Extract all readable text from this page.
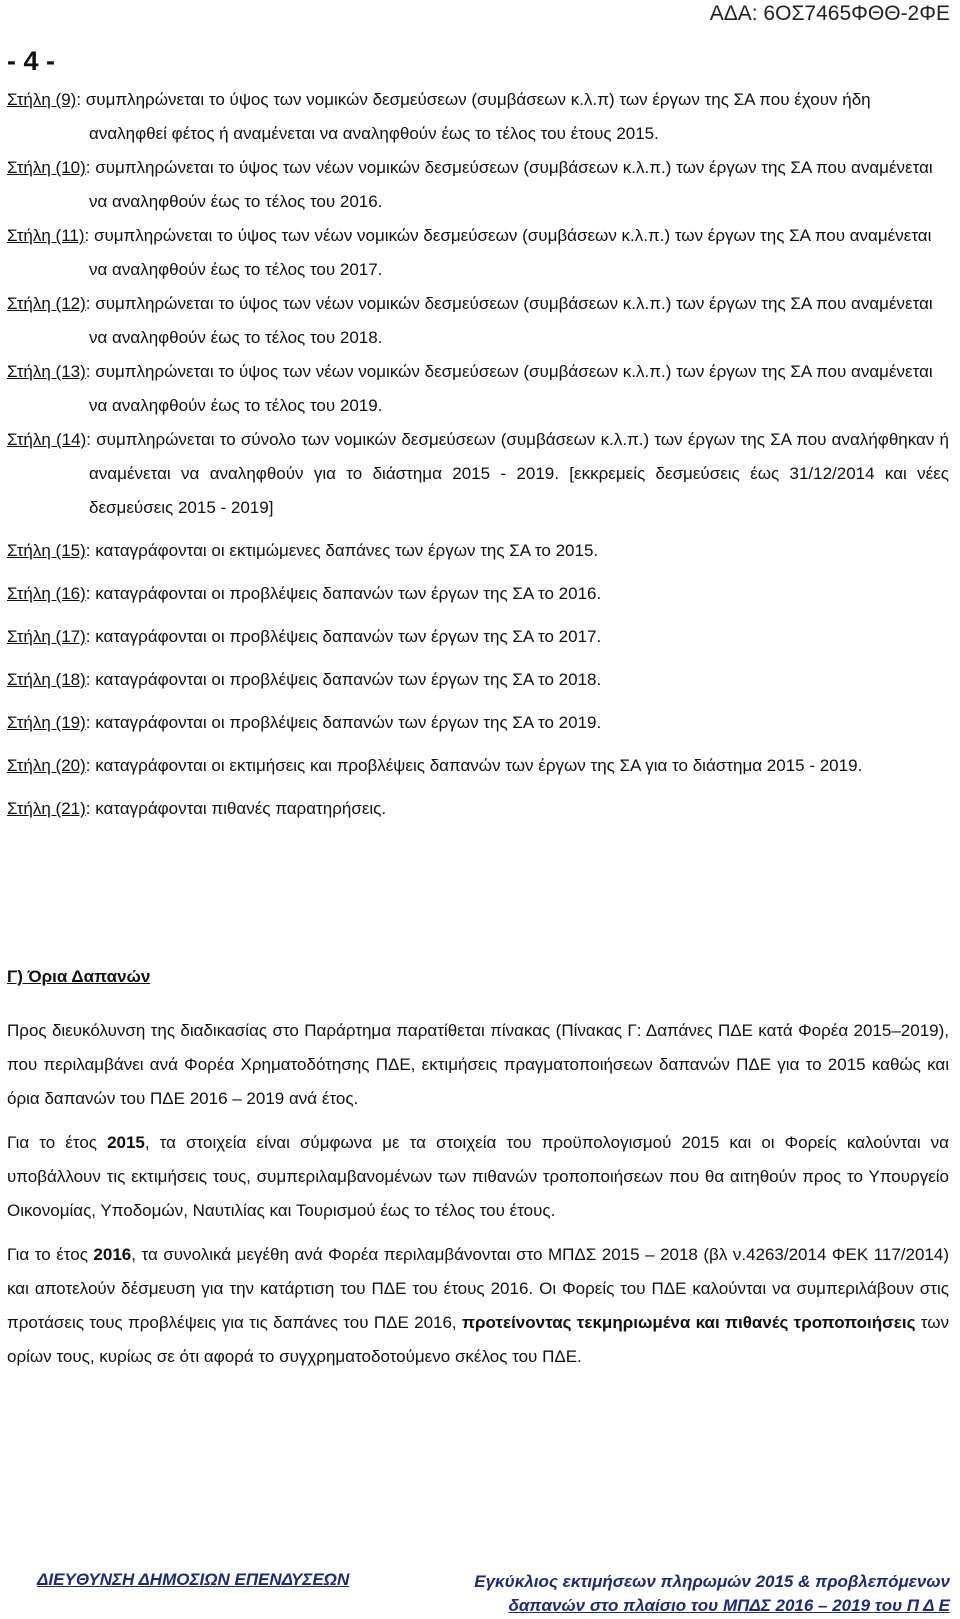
ΑΔΑ: 6ΟΣ7465ΦΘΘ-2ΦΕ
- 4 -

Στήλη (9): συμπληρώνεται το ύψος των νομικών δεσμεύσεων (συμβάσεων κ.λ.π) των έργων της ΣΑ που έχουν ήδη αναληφθεί φέτος ή αναμένεται να αναληφθούν έως το τέλος του έτους 2015.

Στήλη (10): συμπληρώνεται το ύψος των νέων νομικών δεσμεύσεων (συμβάσεων κ.λ.π.) των έργων της ΣΑ που αναμένεται να αναληφθούν έως το τέλος του 2016.

Στήλη (11): συμπληρώνεται το ύψος των νέων νομικών δεσμεύσεων (συμβάσεων κ.λ.π.) των έργων της ΣΑ που αναμένεται να αναληφθούν έως το τέλος του 2017.

Στήλη (12): συμπληρώνεται το ύψος των νέων νομικών δεσμεύσεων (συμβάσεων κ.λ.π.) των έργων της ΣΑ που αναμένεται να αναληφθούν έως το τέλος του 2018.

Στήλη (13): συμπληρώνεται το ύψος των νέων νομικών δεσμεύσεων (συμβάσεων κ.λ.π.) των έργων της ΣΑ που αναμένεται να αναληφθούν έως το τέλος του 2019.

Στήλη (14): συμπληρώνεται το σύνολο των νομικών δεσμεύσεων (συμβάσεων κ.λ.π.) των έργων της ΣΑ που αναλήφθηκαν ή αναμένεται να αναληφθούν για το διάστημα 2015 - 2019. [εκκρεμείς δεσμεύσεις έως 31/12/2014 και νέες δεσμεύσεις 2015 - 2019]

Στήλη (15): καταγράφονται οι εκτιμώμενες δαπάνες των έργων της ΣΑ το 2015.

Στήλη (16): καταγράφονται οι προβλέψεις δαπανών των έργων της ΣΑ το 2016.

Στήλη (17): καταγράφονται οι προβλέψεις δαπανών των έργων της ΣΑ το 2017.

Στήλη (18): καταγράφονται οι προβλέψεις δαπανών των έργων της ΣΑ το 2018.

Στήλη (19): καταγράφονται οι προβλέψεις δαπανών των έργων της ΣΑ το 2019.

Στήλη (20): καταγράφονται οι εκτιμήσεις και προβλέψεις δαπανών των έργων της ΣΑ για το διάστημα 2015 - 2019.

Στήλη (21): καταγράφονται πιθανές παρατηρήσεις.

Γ) Όρια Δαπανών

Προς διευκόλυνση της διαδικασίας στο Παράρτημα παρατίθεται πίνακας (Πίνακας Γ: Δαπάνες ΠΔΕ κατά Φορέα 2015–2019), που περιλαμβάνει ανά Φορέα Χρηματοδότησης ΠΔΕ, εκτιμήσεις πραγματοποιήσεων δαπανών ΠΔΕ για το 2015 καθώς και όρια δαπανών του ΠΔΕ 2016 – 2019 ανά έτος.

Για το έτος 2015, τα στοιχεία είναι σύμφωνα με τα στοιχεία του προϋπολογισμού 2015 και οι Φορείς καλούνται να υποβάλλουν τις εκτιμήσεις τους, συμπεριλαμβανομένων των πιθανών τροποποιήσεων που θα αιτηθούν προς το Υπουργείο Οικονομίας, Υποδομών, Ναυτιλίας και Τουρισμού έως το τέλος του έτους.

Για το έτος 2016, τα συνολικά μεγέθη ανά Φορέα περιλαμβάνονται στο ΜΠΔΣ 2015 – 2018 (βλ ν.4263/2014 ΦΕΚ 117/2014) και αποτελούν δέσμευση για την κατάρτιση του ΠΔΕ του έτους 2016. Οι Φορείς του ΠΔΕ καλούνται να συμπεριλάβουν στις προτάσεις τους προβλέψεις για τις δαπάνες του ΠΔΕ 2016, προτείνοντας τεκμηριωμένα και πιθανές τροποποιήσεις των ορίων τους, κυρίως σε ότι αφορά το συγχρηματοδοτούμενο σκέλος του ΠΔΕ.

ΔΙΕΥΘΥΝΣΗ ΔΗΜΟΣΙΩΝ ΕΠΕΝΔΥΣΕΩΝ	Εγκύκλιος εκτιμήσεων πληρωμών 2015 & προβλεπόμενων
δαπανών στο πλαίσιο του ΜΠΔΣ 2016 – 2019 του Π Δ Ε
